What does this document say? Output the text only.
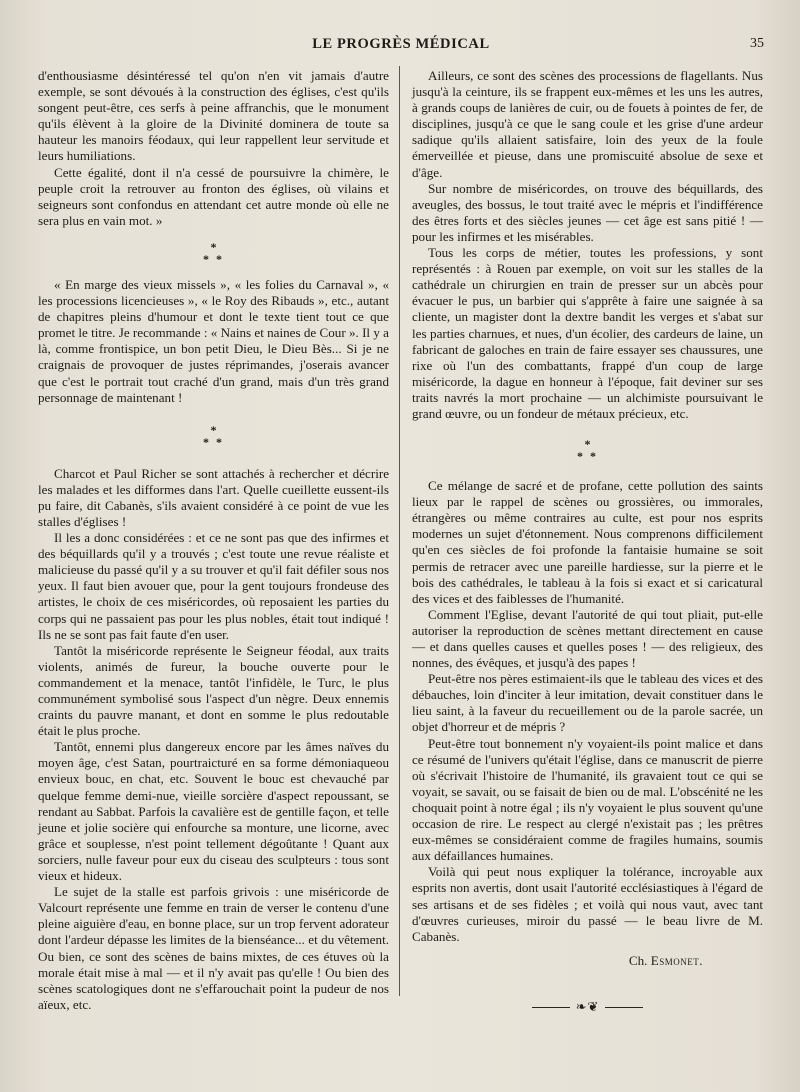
LE PROGRÈS MÉDICAL	35

d'enthousiasme désintéressé tel qu'on n'en vit jamais d'autre exemple, se sont dévoués à la construction des églises, c'est qu'ils songent peut-être, ces serfs à peine affranchis, que le monument qu'ils élèvent à la gloire de la Divinité dominera de toute sa hauteur les manoirs féodaux, qui leur rappellent leur servitude et leurs humiliations.

Cette égalité, dont il n'a cessé de poursuivre la chimère, le peuple croit la retrouver au fronton des églises, où vilains et seigneurs sont confondus en attendant cet autre monde où elle ne sera plus en vain mot. »

*
* *

« En marge des vieux missels », « les folies du Carnaval », « les processions licencieuses », « le Roy des Ribauds », etc., autant de chapitres pleins d'humour et dont le texte tient tout ce que promet le titre. Je recommande : « Nains et naines de Cour ». Il y a là, comme frontispice, un bon petit Dieu, le Dieu Bès... Si je ne craignais de provoquer de justes réprimandes, j'oserais avancer que c'est le portrait tout craché d'un grand, mais d'un très grand personnage de maintenant !

*
* *

Charcot et Paul Richer se sont attachés à rechercher et décrire les malades et les difformes dans l'art. Quelle cueillette eussent-ils pu faire, dit Cabanès, s'ils avaient considéré à ce point de vue les stalles d'églises !

Il les a donc considérées : et ce ne sont pas que des infirmes et des béquillards qu'il y a trouvés ; c'est toute une revue réaliste et malicieuse du passé qu'il y a su trouver et qu'il fait défiler sous nos yeux. Il faut bien avouer que, pour la gent toujours frondeuse des artistes, le choix de ces miséricordes, où reposaient les parties du corps qui ne passaient pas pour les plus nobles, était tout indiqué ! Ils ne se sont pas fait faute d'en user.

Tantôt la miséricorde représente le Seigneur féodal, aux traits violents, animés de fureur, la bouche ouverte pour le commandement et la menace, tantôt l'infidèle, le Turc, le plus communément symbolisé sous l'aspect d'un nègre. Deux ennemis craints du pauvre manant, et dont en somme le plus redoutable était le plus proche.

Tantôt, ennemi plus dangereux encore par les âmes naïves du moyen âge, c'est Satan, pourtraicturé en sa forme démoniaqueou envieux bouc, en chat, etc. Souvent le bouc est chevauché par quelque femme demi-nue, vieille sorcière d'aspect repoussant, se rendant au Sabbat. Parfois la cavalière est de gentille façon, et telle jeune et jolie socière qui enfourche sa monture, une licorne, avec grâce et souplesse, n'est point tellement dégoûtante ! Quant aux sorciers, nulle faveur pour eux du ciseau des sculpteurs : tous sont vieux et hideux.

Le sujet de la stalle est parfois grivois : une miséricorde de Valcourt représente une femme en train de verser le contenu d'une pleine aiguière d'eau, en bonne place, sur un trop fervent adorateur dont l'ardeur dépasse les limites de la bienséance... et du vêtement. Ou bien, ce sont des scènes de bains mixtes, de ces étuves où la morale était mise à mal — et il n'y avait pas qu'elle ! Ou bien des scènes scatologiques dont ne s'effarouchait point la pudeur de nos aïeux, etc.

Ailleurs, ce sont des scènes des processions de flagellants. Nus jusqu'à la ceinture, ils se frappent eux-mêmes et les uns les autres, à grands coups de lanières de cuir, ou de fouets à pointes de fer, de disciplines, jusqu'à ce que le sang coule et les grise d'une ardeur sadique qu'ils allaient satisfaire, loin des yeux de la foule émerveillée et pieuse, dans une promiscuité absolue de sexe et d'âge.

Sur nombre de miséricordes, on trouve des béquillards, des aveugles, des bossus, le tout traité avec le mépris et l'indifférence des êtres forts et des siècles jeunes — cet âge est sans pitié ! — pour les infirmes et les misérables.

Tous les corps de métier, toutes les professions, y sont représentés : à Rouen par exemple, on voit sur les stalles de la cathédrale un chirurgien en train de presser sur un abcès pour évacuer le pus, un barbier qui s'apprête à faire une saignée à sa cliente, un magister dont la dextre bandit les verges et s'abat sur les parties charnues, et nues, d'un écolier, des cardeurs de laine, un fabricant de galoches en train de faire essayer ses chaussures, une rixe où l'un des combattants, frappé d'un coup de large miséricorde, la dague en honneur à l'époque, fait deviner sur ses traits navrés la mort prochaine — un alchimiste poursuivant le grand œuvre, ou un fondeur de métaux précieux, etc.

*
* *

Ce mélange de sacré et de profane, cette pollution des saints lieux par le rappel de scènes ou grossières, ou immorales, étrangères ou même contraires au culte, est pour nos esprits modernes un sujet d'étonnement. Nous comprenons difficilement qu'en ces siècles de foi profonde la fantaisie humaine se soit permis de retracer avec une pareille hardiesse, sur la pierre et le bois des cathédrales, le tableau à la fois si exact et si caricatural des vices et des faiblesses de l'humanité.

Comment l'Eglise, devant l'autorité de qui tout pliait, put-elle autoriser la reproduction de scènes mettant directement en cause — et dans quelles causes et quelles poses ! — des religieux, des nonnes, des évêques, et jusqu'à des papes !

Peut-être nos pères estimaient-ils que le tableau des vices et des débauches, loin d'inciter à leur imitation, devait constituer dans le lieu saint, à la faveur du recueillement ou de la parole sacrée, un objet d'horreur et de mépris ?

Peut-être tout bonnement n'y voyaient-ils point malice et dans ce résumé de l'univers qu'était l'église, dans ce manuscrit de pierre où s'écrivait l'histoire de l'humanité, ils gravaient tout ce qui se voyait, se savait, ou se faisait de bien ou de mal. L'obscénité ne les choquait point à notre égal ; ils n'y voyaient le plus souvent qu'une occasion de rire. Le respect au clergé n'existait pas ; les prêtres eux-mêmes se considéraient comme de fragiles humains, soumis aux défaillances humaines.

Voilà qui peut nous expliquer la tolérance, incroyable aux esprits non avertis, dont usait l'autorité ecclésiastiques à l'égard de ses artisans et de ses fidèles ; et voilà qui nous vaut, avec tant d'œuvres curieuses, miroir du passé — le beau livre de M. Cabanès.

Ch. Esmonet.

❧❦
